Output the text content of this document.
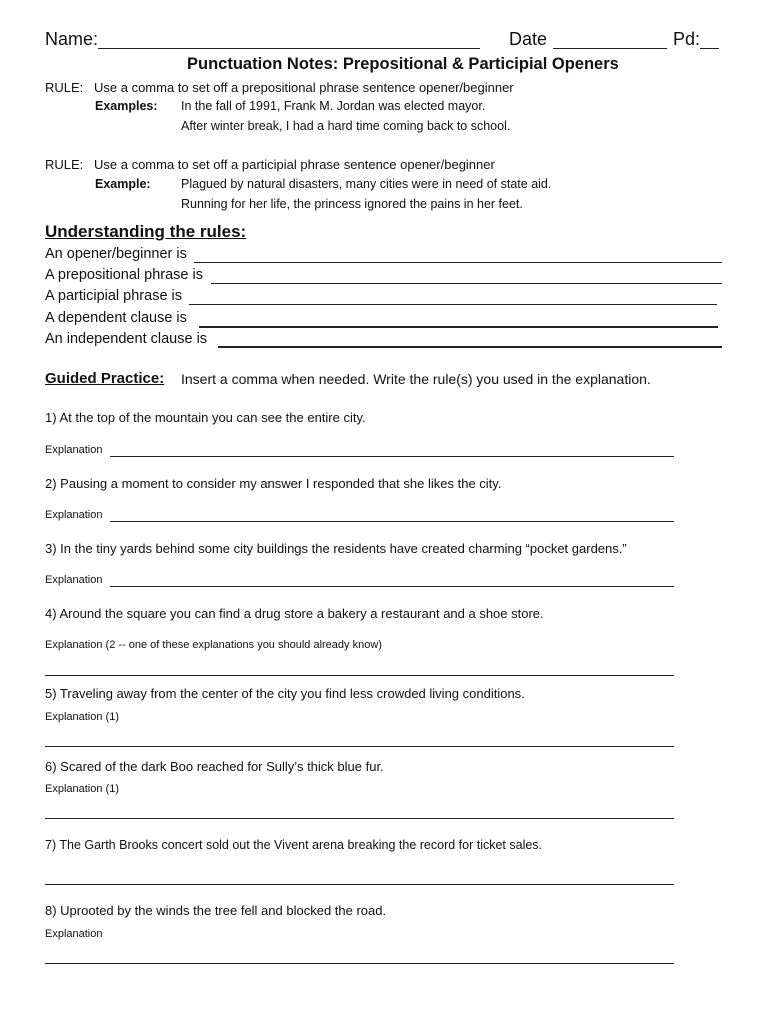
Name:	Date	Pd:
Punctuation Notes: Prepositional & Participial Openers
RULE: Use a comma to set off a prepositional phrase sentence opener/beginner
Examples: In the fall of 1991, Frank M. Jordan was elected mayor.
After winter break, I had a hard time coming back to school.
RULE: Use a comma to set off a participial phrase sentence opener/beginner
Example: Plagued by natural disasters, many cities were in need of state aid.
Running for her life, the princess ignored the pains in her feet.
Understanding the rules:
An opener/beginner is
A prepositional phrase is
A participial phrase is
A dependent clause is
An independent clause is
Guided Practice: Insert a comma when needed. Write the rule(s) you used in the explanation.
1) At the top of the mountain you can see the entire city.
Explanation
2) Pausing a moment to consider my answer I responded that she likes the city.
Explanation
3) In the tiny yards behind some city buildings the residents have created charming “pocket gardens.”
Explanation
4) Around the square you can find a drug store a bakery a restaurant and a shoe store.
Explanation (2 -- one of these explanations you should already know)
5) Traveling away from the center of the city you find less crowded living conditions.
Explanation (1)
6) Scared of the dark Boo reached for Sully’s thick blue fur.
Explanation (1)
7) The Garth Brooks concert sold out the Vivent arena breaking the record for ticket sales.
8) Uprooted by the winds the tree fell and blocked the road.
Explanation
